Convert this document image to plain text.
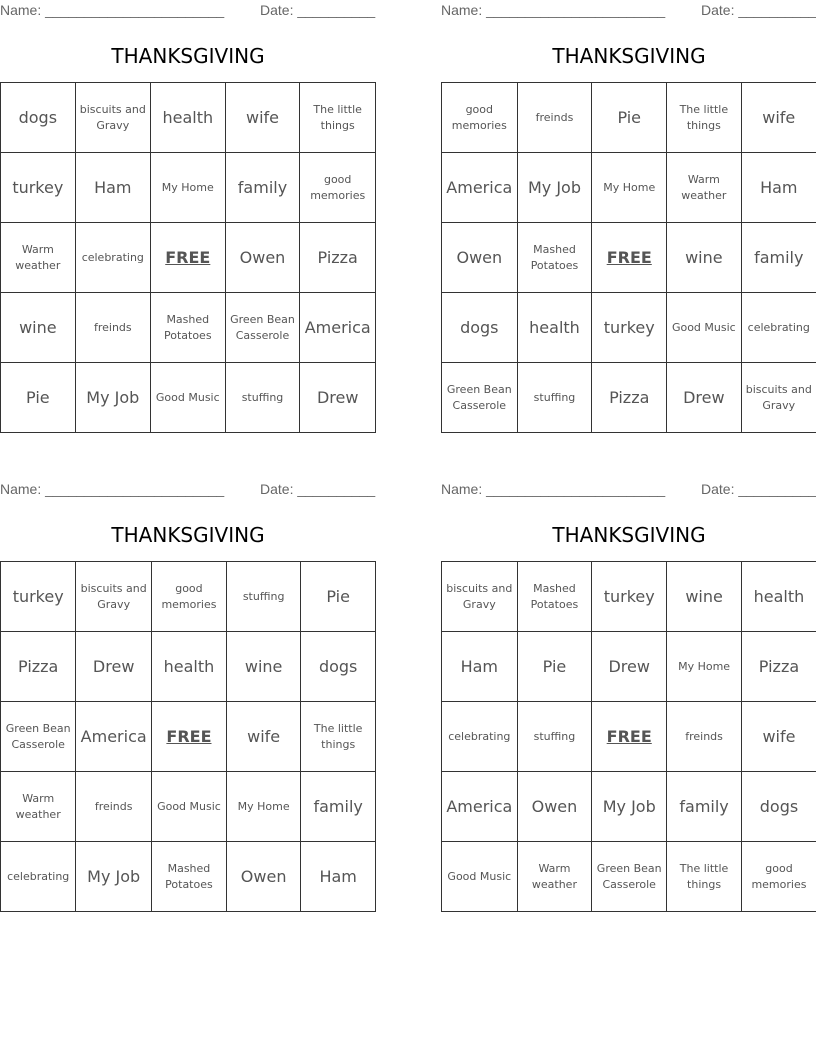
Name: _______________________	Date: __________
THANKSGIVING
dogs	biscuits and Gravy	health	wife	The little things
turkey	Ham	My Home	family	good memories
Warm weather	celebrating	FREE	Owen	Pizza
wine	freinds	Mashed Potatoes	Green Bean Casserole	America
Pie	My Job	Good Music	stuffing	Drew
Name: _______________________	Date: __________
THANKSGIVING
good memories	freinds	Pie	The little things	wife
America	My Job	My Home	Warm weather	Ham
Owen	Mashed Potatoes	FREE	wine	family
dogs	health	turkey	Good Music	celebrating
Green Bean Casserole	stuffing	Pizza	Drew	biscuits and Gravy
Name: _______________________	Date: __________
THANKSGIVING
turkey	biscuits and Gravy	good memories	stuffing	Pie
Pizza	Drew	health	wine	dogs
Green Bean Casserole	America	FREE	wife	The little things
Warm weather	freinds	Good Music	My Home	family
celebrating	My Job	Mashed Potatoes	Owen	Ham
Name: _______________________	Date: __________
THANKSGIVING
biscuits and Gravy	Mashed Potatoes	turkey	wine	health
Ham	Pie	Drew	My Home	Pizza
celebrating	stuffing	FREE	freinds	wife
America	Owen	My Job	family	dogs
Good Music	Warm weather	Green Bean Casserole	The little things	good memories
